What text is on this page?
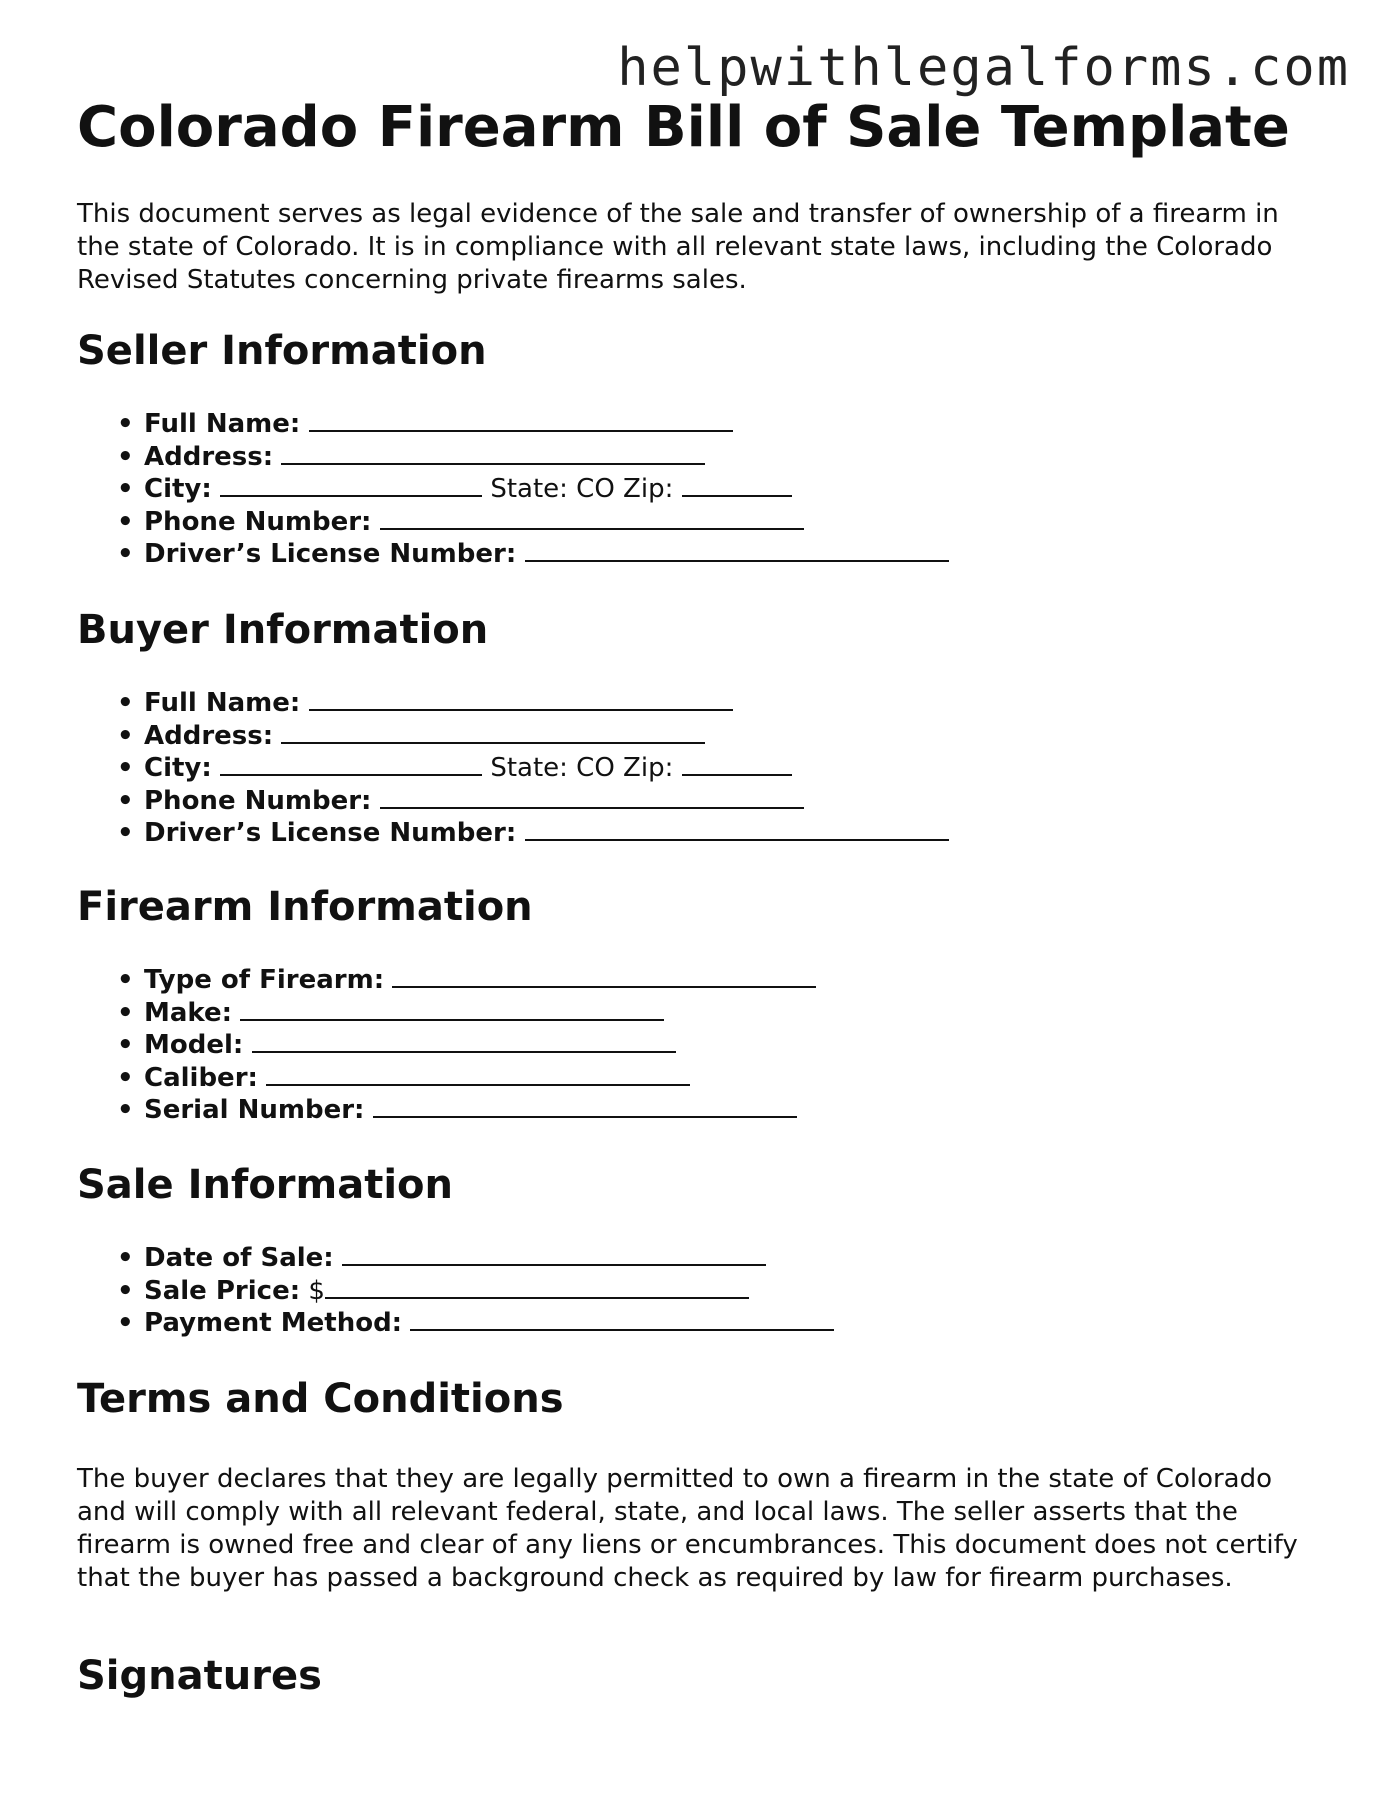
helpwithlegalforms.com
Colorado Firearm Bill of Sale Template

This document serves as legal evidence of the sale and transfer of ownership of a firearm in the state of Colorado. It is in compliance with all relevant state laws, including the Colorado Revised Statutes concerning private firearms sales.

Seller Information
• Full Name:
• Address:
• City:	State: CO Zip:
• Phone Number:
• Driver’s License Number:
Buyer Information
• Full Name:
• Address:
• City:	State: CO Zip:
• Phone Number:
• Driver’s License Number:
Firearm Information
• Type of Firearm:
• Make:
• Model:
• Caliber:
• Serial Number:
Sale Information
• Date of Sale:
• Sale Price: $
• Payment Method:
Terms and Conditions

The buyer declares that they are legally permitted to own a firearm in the state of Colorado and will comply with all relevant federal, state, and local laws. The seller asserts that the firearm is owned free and clear of any liens or encumbrances. This document does not certify that the buyer has passed a background check as required by law for firearm purchases.

Signatures
